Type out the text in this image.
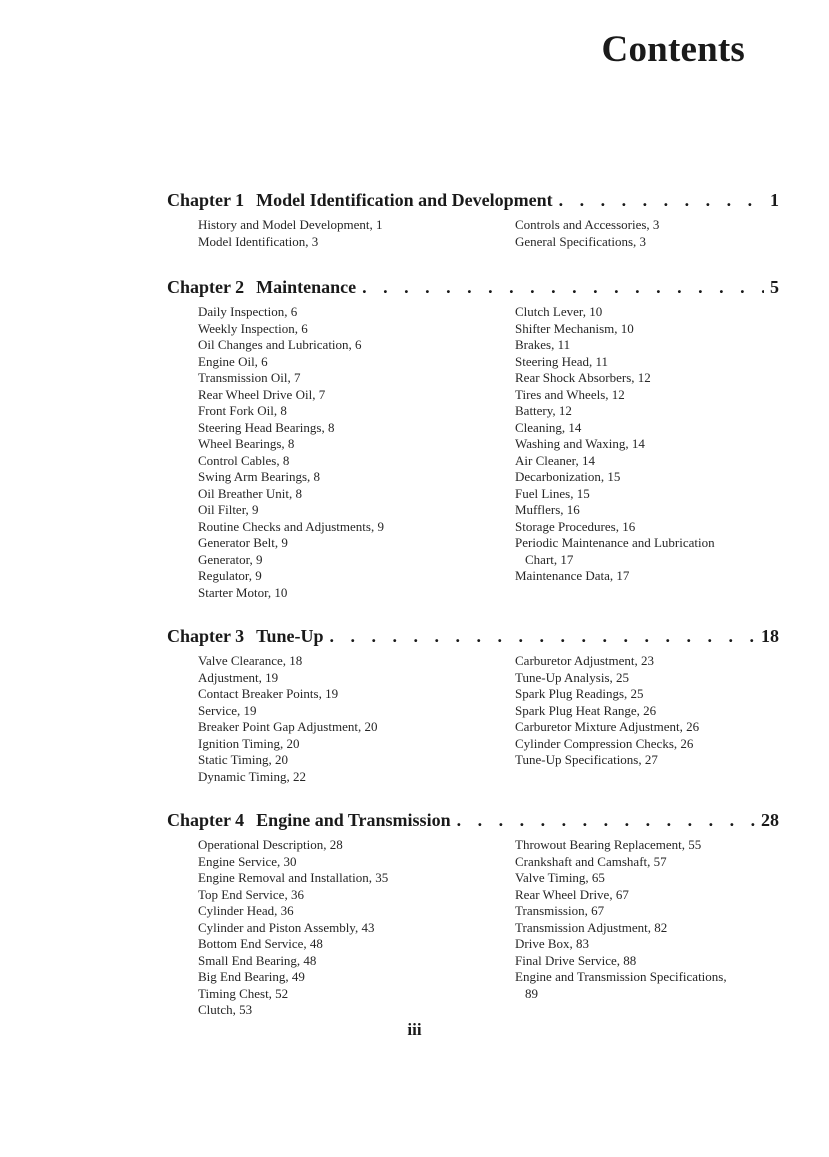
Contents
Chapter 1 Model Identification and Development . . .	1
History and Model Development, 1
Model Identification, 3
Controls and Accessories, 3
General Specifications, 3
Chapter 2 Maintenance . . .	5
Daily Inspection, 6
Weekly Inspection, 6
Oil Changes and Lubrication, 6
Engine Oil, 6
Transmission Oil, 7
Rear Wheel Drive Oil, 7
Front Fork Oil, 8
Steering Head Bearings, 8
Wheel Bearings, 8
Control Cables, 8
Swing Arm Bearings, 8
Oil Breather Unit, 8
Oil Filter, 9
Routine Checks and Adjustments, 9
Generator Belt, 9
Generator, 9
Regulator, 9
Starter Motor, 10
Clutch Lever, 10
Shifter Mechanism, 10
Brakes, 11
Steering Head, 11
Rear Shock Absorbers, 12
Tires and Wheels, 12
Battery, 12
Cleaning, 14
Washing and Waxing, 14
Air Cleaner, 14
Decarbonization, 15
Fuel Lines, 15
Mufflers, 16
Storage Procedures, 16
Periodic Maintenance and Lubrication
Chart, 17
Maintenance Data, 17
Chapter 3 Tune-Up . . .	18
Valve Clearance, 18
Adjustment, 19
Contact Breaker Points, 19
Service, 19
Breaker Point Gap Adjustment, 20
Ignition Timing, 20
Static Timing, 20
Dynamic Timing, 22
Carburetor Adjustment, 23
Tune-Up Analysis, 25
Spark Plug Readings, 25
Spark Plug Heat Range, 26
Carburetor Mixture Adjustment, 26
Cylinder Compression Checks, 26
Tune-Up Specifications, 27
Chapter 4 Engine and Transmission . . .	28
Operational Description, 28
Engine Service, 30
Engine Removal and Installation, 35
Top End Service, 36
Cylinder Head, 36
Cylinder and Piston Assembly, 43
Bottom End Service, 48
Small End Bearing, 48
Big End Bearing, 49
Timing Chest, 52
Clutch, 53
Throwout Bearing Replacement, 55
Crankshaft and Camshaft, 57
Valve Timing, 65
Rear Wheel Drive, 67
Transmission, 67
Transmission Adjustment, 82
Drive Box, 83
Final Drive Service, 88
Engine and Transmission Specifications,
89
iii
